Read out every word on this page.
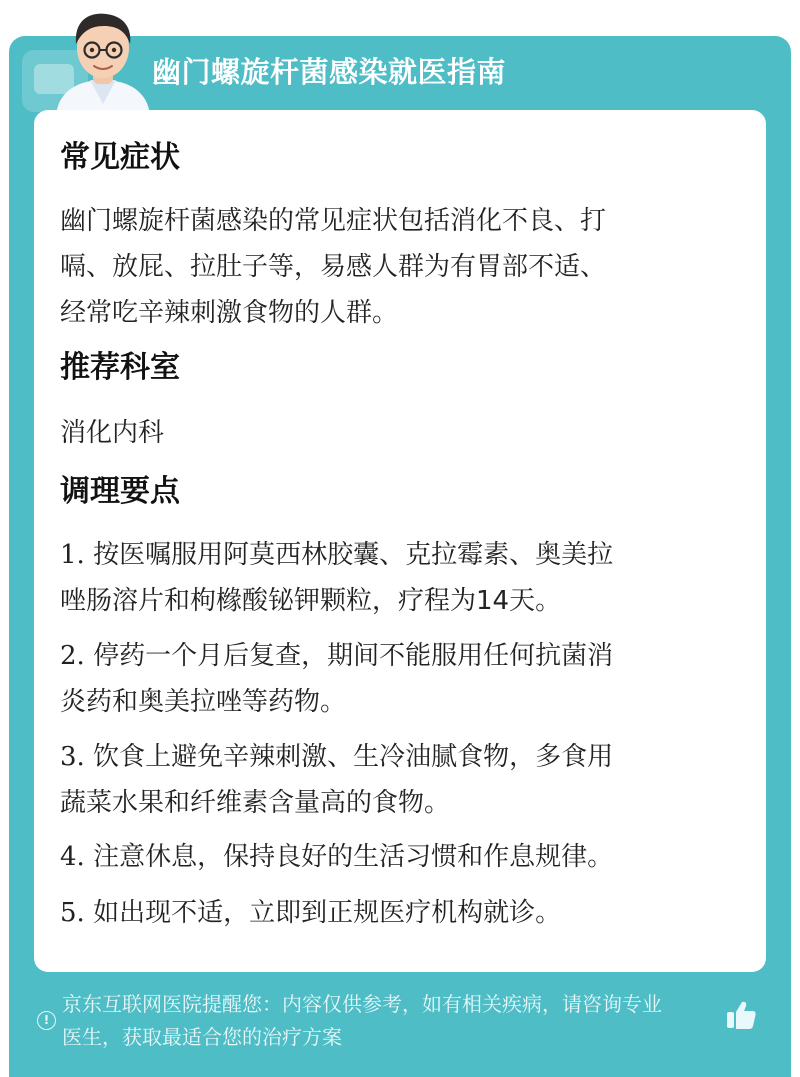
幽门螺旋杆菌感染就医指南
常见症状
幽门螺旋杆菌感染的常见症状包括消化不良、打
嗝、放屁、拉肚子等，易感人群为有胃部不适、
经常吃辛辣刺激食物的人群。
推荐科室
消化内科
调理要点
1. 按医嘱服用阿莫西林胶囊、克拉霉素、奥美拉
唑肠溶片和枸橼酸铋钾颗粒，疗程为14天。
2. 停药一个月后复查，期间不能服用任何抗菌消
炎药和奥美拉唑等药物。
3. 饮食上避免辛辣刺激、生冷油腻食物，多食用
蔬菜水果和纤维素含量高的食物。
4. 注意休息，保持良好的生活习惯和作息规律。
5. 如出现不适，立即到正规医疗机构就诊。
!
京东互联网医院提醒您：内容仅供参考，如有相关疾病，请咨询专业
医生，获取最适合您的治疗方案
